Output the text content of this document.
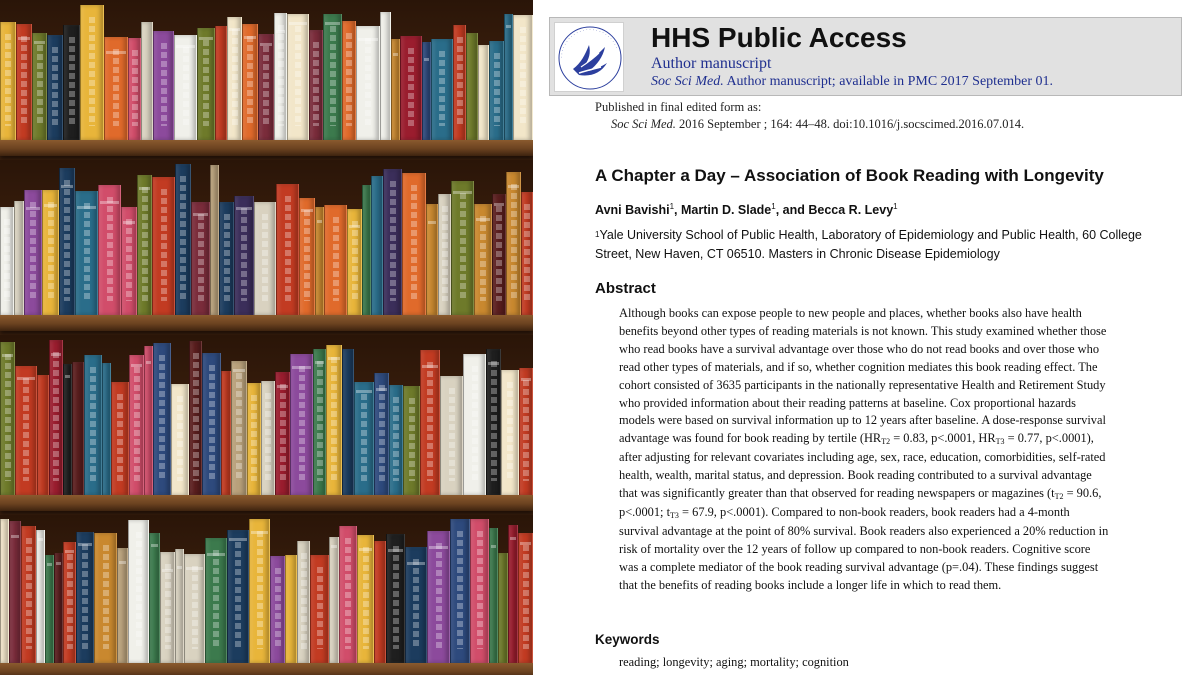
· · · · · · · · · · · · · · · · · · · · · · · · HHS Public Access
Author manuscript
Soc Sci Med. Author manuscript; available in PMC 2017 September 01.
Published in final edited form as:
Soc Sci Med. 2016 September ; 164: 44–48. doi:10.1016/j.socscimed.2016.07.014.
A Chapter a Day – Association of Book Reading with Longevity
Avni Bavishi$^1$, Martin D. Slade$^1$, and Becca R. Levy$^1$
$^1$Yale University School of Public Health, Laboratory of Epidemiology and Public Health, 60 College Street, New Haven, CT 06510. Masters in Chronic Disease Epidemiology
Abstract
Although books can expose people to new people and places, whether books also have health
benefits beyond other types of reading materials is not known. This study examined whether those
who read books have a survival advantage over those who do not read books and over those who
read other types of materials, and if so, whether cognition mediates this book reading effect. The
cohort consisted of 3635 participants in the nationally representative Health and Retirement Study
who provided information about their reading patterns at baseline. Cox proportional hazards
models were based on survival information up to 12 years after baseline. A dose-response survival
advantage was found for book reading by tertile ($HR_{T2} = 0.83$, p<.0001, $HR_{T3} = 0.77$, p<.0001),
after adjusting for relevant covariates including age, sex, race, education, comorbidities, self-rated
health, wealth, marital status, and depression. Book reading contributed to a survival advantage
that was significantly greater than that observed for reading newspapers or magazines ($t_{T2} = 90.6$,
p<.0001; $t_{T3} = 67.9$, p<.0001). Compared to non-book readers, book readers had a 4-month
survival advantage at the point of 80% survival. Book readers also experienced a 20% reduction in
risk of mortality over the 12 years of follow up compared to non-book readers. Cognitive score
was a complete mediator of the book reading survival advantage (p=.04). These findings suggest
that the benefits of reading books include a longer life in which to read them.
Keywords
reading; longevity; aging; mortality; cognition
